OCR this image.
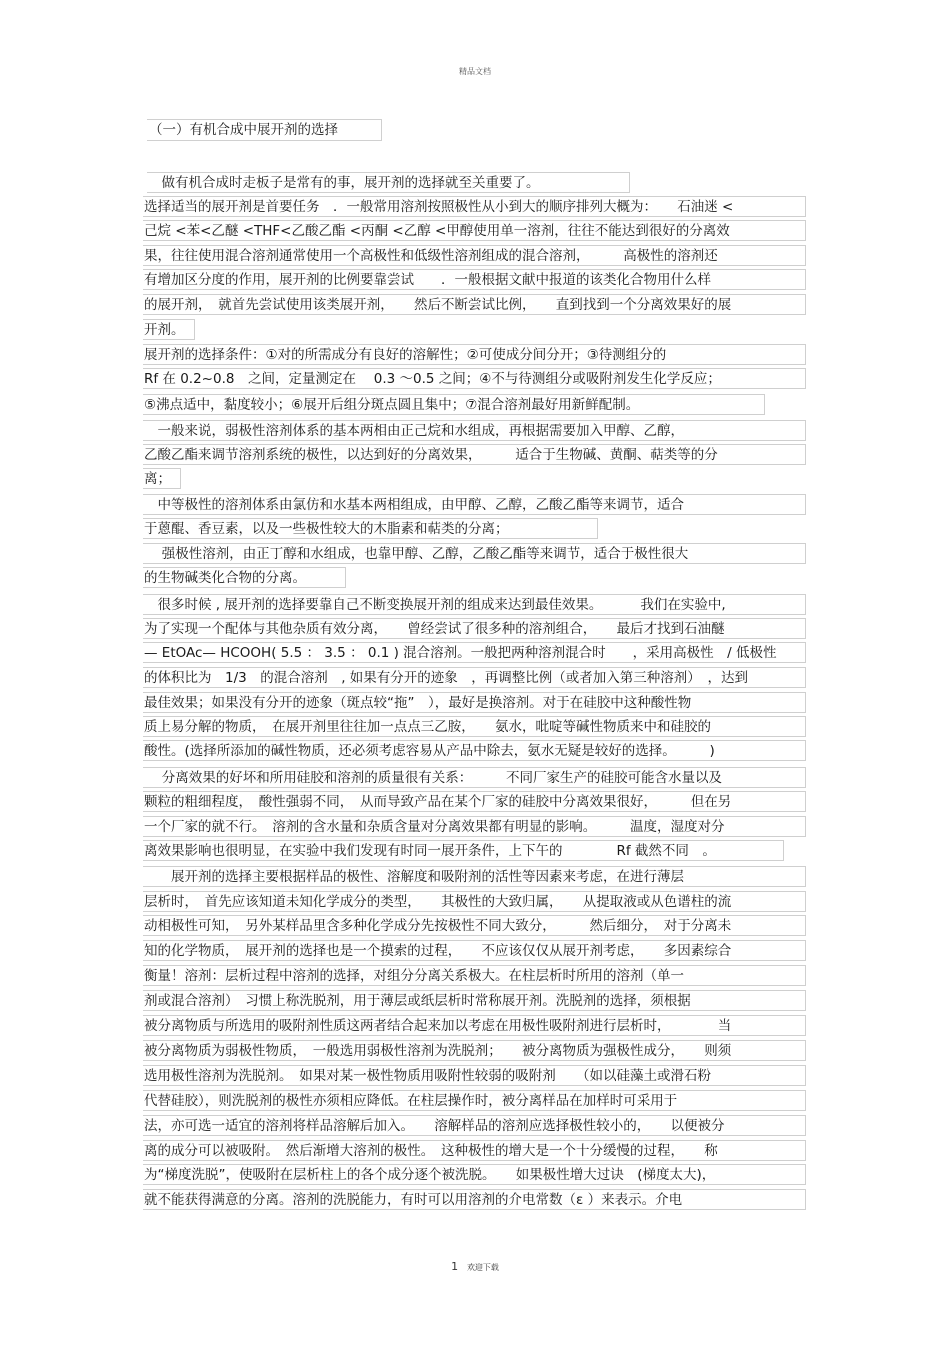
精品文档
（一）有机合成中展开剂的选择
　做有机合成时走板子是常有的事，展开剂的选择就至关重要了。
选择适当的展开剂是首要任务　．一般常用溶剂按照极性从小到大的顺序排列大概为：　　石油迷 <
己烷 <苯<乙醚 <THF<乙酸乙酯 <丙酮 <乙醇 <甲醇使用单一溶剂，往往不能达到很好的分离效
果，往往使用混合溶剂通常使用一个高极性和低级性溶剂组成的混合溶剂，　　　高极性的溶剂还
有增加区分度的作用，展开剂的比例要靠尝试　　．一般根据文献中报道的该类化合物用什么样
的展开剂，　就首先尝试使用该类展开剂，　　然后不断尝试比例，　　直到找到一个分离效果好的展
开剂。
展开剂的选择条件：①对的所需成分有良好的溶解性；②可使成分间分开；③待测组分的
Rf 在 0.2~0.8　之间，定量测定在　 0.3 ～0.5 之间；④不与待测组分或吸附剂发生化学反应；
⑤沸点适中，黏度较小；⑥展开后组分斑点圆且集中；⑦混合溶剂最好用新鲜配制。
　一般来说，弱极性溶剂体系的基本两相由正己烷和水组成，再根据需要加入甲醇、乙醇，
乙酸乙酯来调节溶剂系统的极性，以达到好的分离效果，　　　适合于生物碱、黄酮、萜类等的分
离；
　中等极性的溶剂体系由氯仿和水基本两相组成，由甲醇、乙醇，乙酸乙酯等来调节，适合
于蒽醌、香豆素，以及一些极性较大的木脂素和萜类的分离；
　 强极性溶剂，由正丁醇和水组成，也靠甲醇、乙醇，乙酸乙酯等来调节，适合于极性很大
的生物碱类化合物的分离。
　很多时候 , 展开剂的选择要靠自己不断变换展开剂的组成来达到最佳效果。　　　 我们在实验中,
为了实现一个配体与其他杂质有效分离，　　曾经尝试了很多种的溶剂组合，　　最后才找到石油醚
— EtOAc— HCOOH( 5.5 ： 3.5 ： 0.1 ) 混合溶剂。一般把两种溶剂混合时　　，采用高极性　/ 低极性
的体积比为　1/3　的混合溶剂　, 如果有分开的迹象　，再调整比例（或者加入第三种溶剂）　，达到
最佳效果；如果没有分开的迹象（斑点较“拖”　），最好是换溶剂。对于在硅胶中这种酸性物
质上易分解的物质，　在展开剂里往往加一点点三乙胺，　　氨水，吡啶等碱性物质来中和硅胶的
酸性。(选择所添加的碱性物质，还必须考虑容易从产品中除去，氨水无疑是较好的选择。　　　)
　 分离效果的好坏和所用硅胶和溶剂的质量很有关系：　　　不同厂家生产的硅胶可能含水量以及
颗粒的粗细程度，　酸性强弱不同，　从而导致产品在某个厂家的硅胶中分离效果很好，　　　但在另
一个厂家的就不行。　溶剂的含水量和杂质含量对分离效果都有明显的影响。　　　温度，湿度对分
离效果影响也很明显，在实验中我们发现有时同一展开条件，上下午的　　　　Rf 截然不同　。
　　展开剂的选择主要根据样品的极性、溶解度和吸附剂的活性等因素来考虑，在进行薄层
层析时，　首先应该知道未知化学成分的类型，　　其极性的大致归属，　　从提取液或从色谱柱的流
动相极性可知，　另外某样品里含多种化学成分先按极性不同大致分，　　　然后细分，　对于分离未
知的化学物质，　展开剂的选择也是一个摸索的过程，　　不应该仅仅从展开剂考虑，　　多因素综合
衡量！溶剂：层析过程中溶剂的选择，对组分分离关系极大。在柱层析时所用的溶剂（单一
剂或混合溶剂）　习惯上称洗脱剂，用于薄层或纸层析时常称展开剂。洗脱剂的选择，须根据
被分离物质与所选用的吸附剂性质这两者结合起来加以考虑在用极性吸附剂进行层析时，　　　　当
被分离物质为弱极性物质，　一般选用弱极性溶剂为洗脱剂；　　被分离物质为强极性成分，　　则须
选用极性溶剂为洗脱剂。　如果对某一极性物质用吸附性较弱的吸附剂　　（如以硅藻土或滑石粉
代替硅胶），则洗脱剂的极性亦须相应降低。在柱层操作时，被分离样品在加样时可采用于
法，亦可选一适宜的溶剂将样品溶解后加入。　　溶解样品的溶剂应选择极性较小的，　　以便被分
离的成分可以被吸附。　然后渐增大溶剂的极性。　这种极性的增大是一个十分缓慢的过程，　　称
为“梯度洗脱”，使吸附在层析柱上的各个成分逐个被洗脱。　　如果极性增大过诀　(梯度太大)，
就不能获得满意的分离。溶剂的洗脱能力，有时可以用溶剂的介电常数（ε ）来表示。介电
1 欢迎下载
